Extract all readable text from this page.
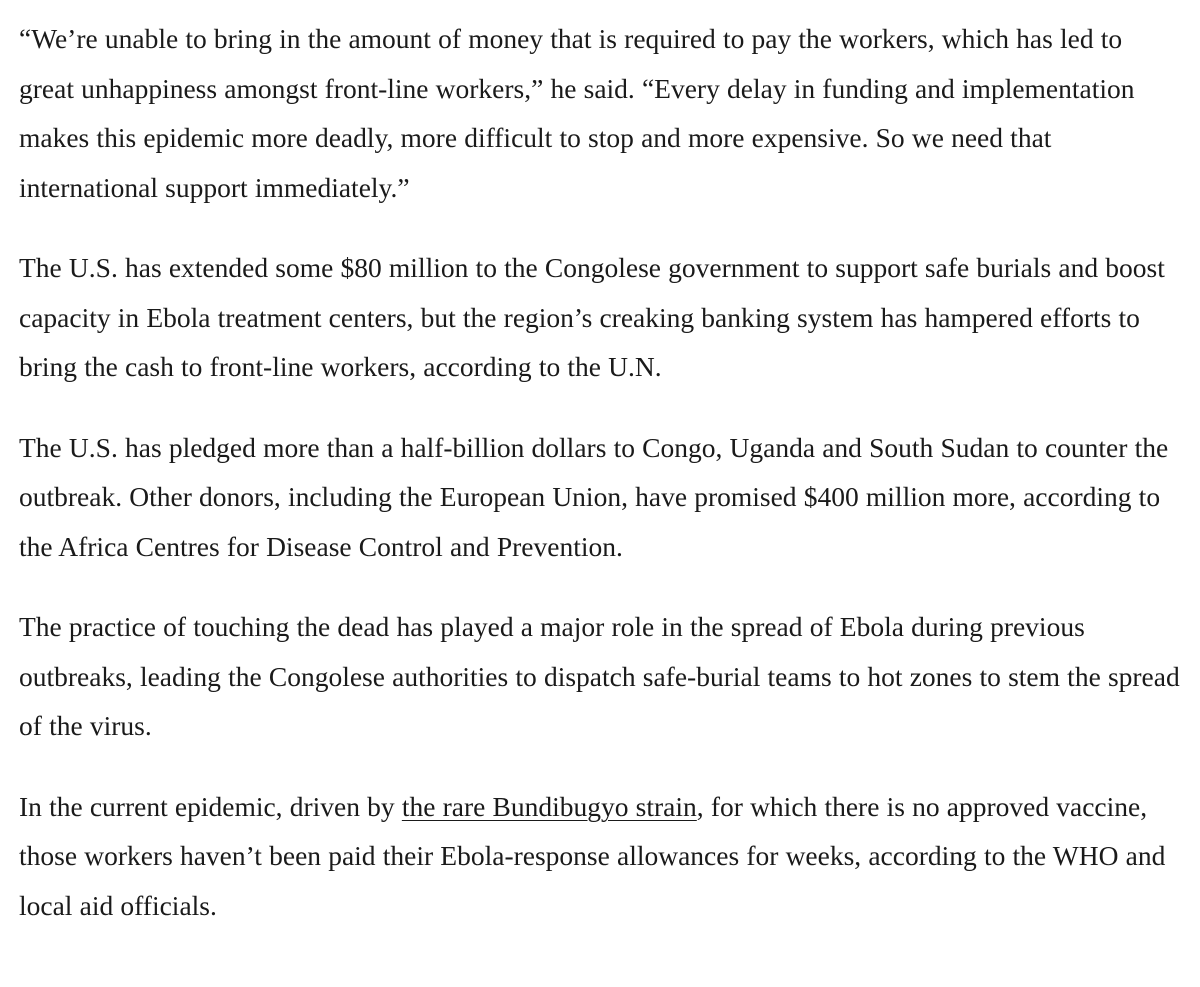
“We’re unable to bring in the amount of money that is required to pay the workers, which has led to great unhappiness amongst front-line workers,” he said. “Every delay in funding and implementation makes this epidemic more deadly, more difficult to stop and more expensive. So we need that international support immediately.”

The U.S. has extended some $80 million to the Congolese government to support safe burials and boost capacity in Ebola treatment centers, but the region’s creaking banking system has hampered efforts to bring the cash to front-line workers, according to the U.N.

The U.S. has pledged more than a half-billion dollars to Congo, Uganda and South Sudan to counter the outbreak. Other donors, including the European Union, have promised $400 million more, according to the Africa Centres for Disease Control and Prevention.

The practice of touching the dead has played a major role in the spread of Ebola during previous outbreaks, leading the Congolese authorities to dispatch safe-burial teams to hot zones to stem the spread of the virus.

In the current epidemic, driven by the rare Bundibugyo strain, for which there is no approved vaccine, those workers haven’t been paid their Ebola-response allowances for weeks, according to the WHO and local aid officials.
